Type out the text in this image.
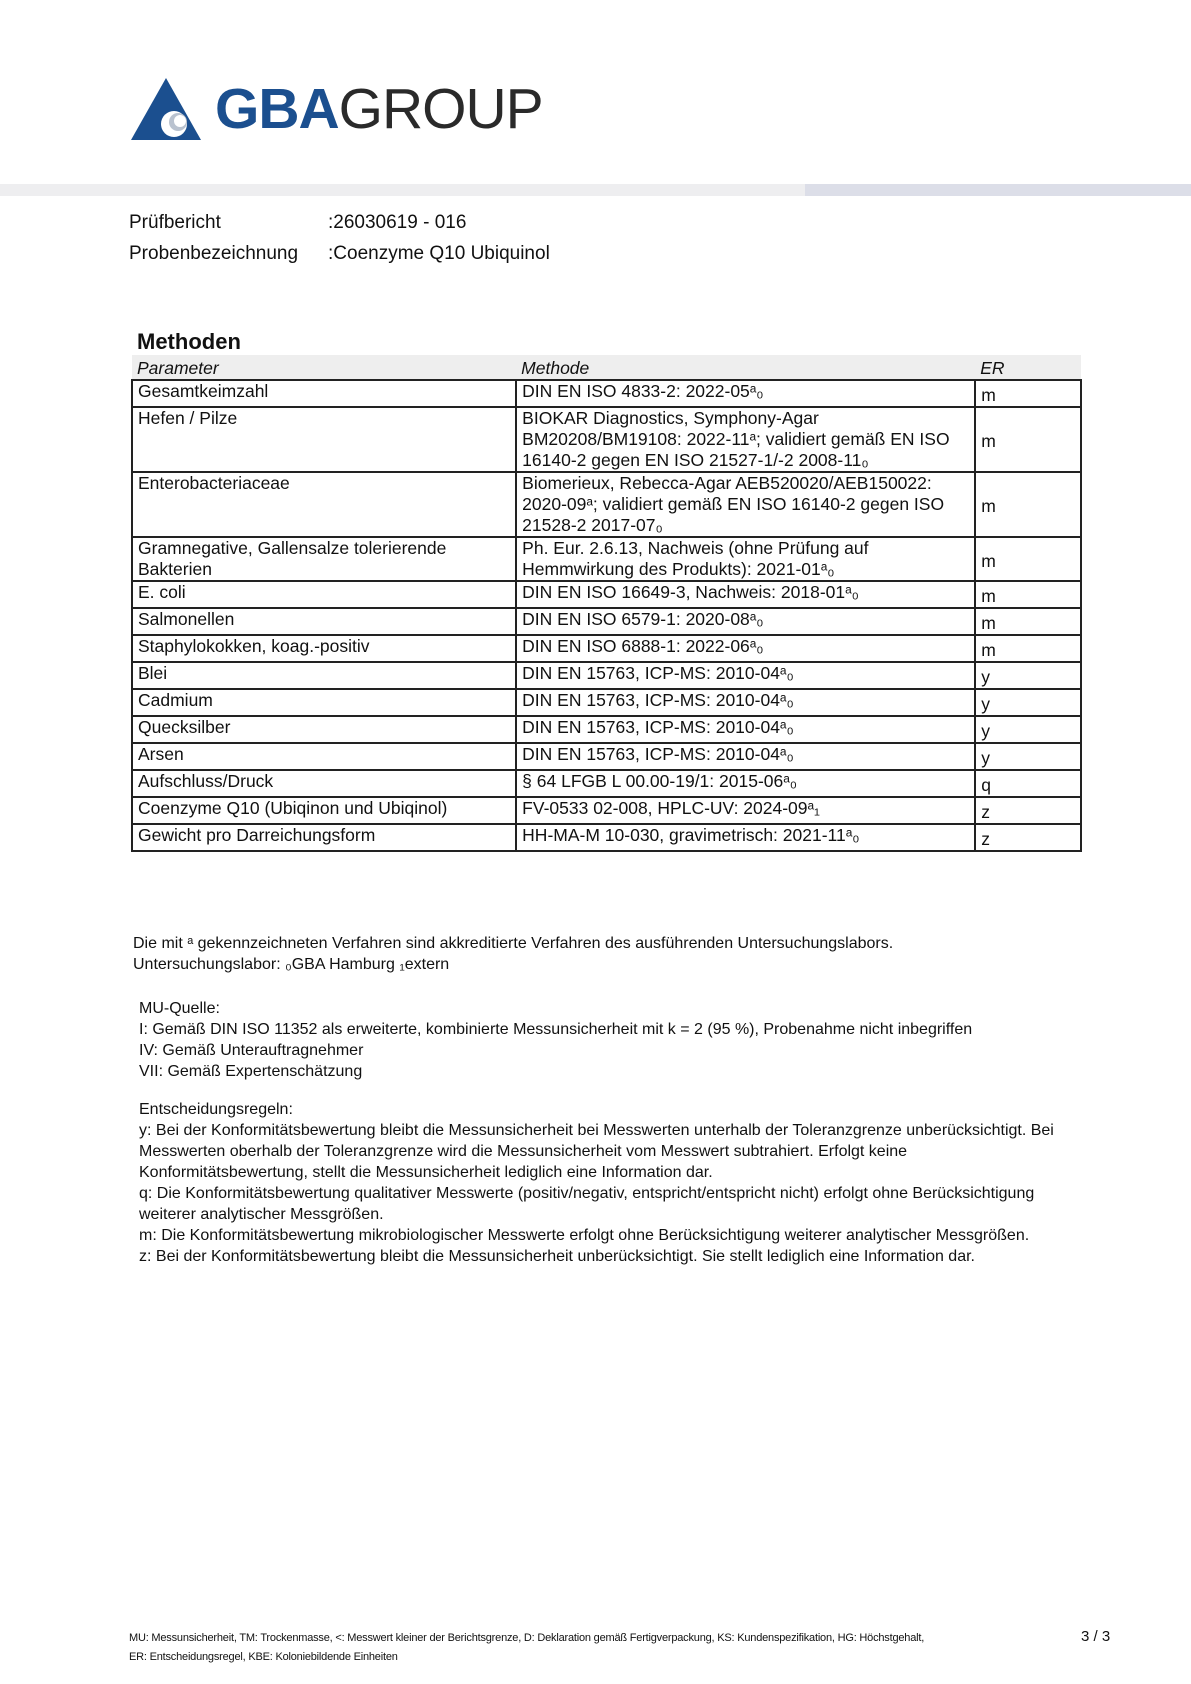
GBAGROUP
Prüfbericht	:26030619 - 016
Probenbezeichnung	:Coenzyme Q10 Ubiquinol
Methoden
Parameter	Methode	ER
Gesamtkeimzahl	DIN EN ISO 4833-2: 2022-05ᵃ₀	m
Hefen / Pilze	BIOKAR Diagnostics, Symphony-Agar BM20208/BM19108: 2022-11ᵃ; validiert gemäß EN ISO 16140-2 gegen EN ISO 21527-1/-2 2008-11₀	m
Enterobacteriaceae	Biomerieux, Rebecca-Agar AEB520020/AEB150022: 2020-09ᵃ; validiert gemäß EN ISO 16140-2 gegen ISO 21528-2 2017-07₀	m
Gramnegative, Gallensalze tolerierende Bakterien	Ph. Eur. 2.6.13, Nachweis (ohne Prüfung auf Hemmwirkung des Produkts): 2021-01ᵃ₀	m
E. coli	DIN EN ISO 16649-3, Nachweis: 2018-01ᵃ₀	m
Salmonellen	DIN EN ISO 6579-1: 2020-08ᵃ₀	m
Staphylokokken, koag.-positiv	DIN EN ISO 6888-1: 2022-06ᵃ₀	m
Blei	DIN EN 15763, ICP-MS: 2010-04ᵃ₀	y
Cadmium	DIN EN 15763, ICP-MS: 2010-04ᵃ₀	y
Quecksilber	DIN EN 15763, ICP-MS: 2010-04ᵃ₀	y
Arsen	DIN EN 15763, ICP-MS: 2010-04ᵃ₀	y
Aufschluss/Druck	§ 64 LFGB L 00.00-19/1: 2015-06ᵃ₀	q
Coenzyme Q10 (Ubiqinon und Ubiqinol)	FV-0533 02-008, HPLC-UV: 2024-09ᵃ₁	z
Gewicht pro Darreichungsform	HH-MA-M 10-030, gravimetrisch: 2021-11ᵃ₀	z

Die mit ᵃ gekennzeichneten Verfahren sind akkreditierte Verfahren des ausführenden Untersuchungslabors.

Untersuchungslabor: ₀GBA Hamburg ₁extern

MU-Quelle:

I: Gemäß DIN ISO 11352 als erweiterte, kombinierte Messunsicherheit mit k = 2 (95 %), Probenahme nicht inbegriffen

IV: Gemäß Unterauftragnehmer

VII: Gemäß Expertenschätzung

Entscheidungsregeln:

y: Bei der Konformitätsbewertung bleibt die Messunsicherheit bei Messwerten unterhalb der Toleranzgrenze unberücksichtigt. Bei Messwerten oberhalb der Toleranzgrenze wird die Messunsicherheit vom Messwert subtrahiert. Erfolgt keine Konformitätsbewertung, stellt die Messunsicherheit lediglich eine Information dar.

q: Die Konformitätsbewertung qualitativer Messwerte (positiv/negativ, entspricht/entspricht nicht) erfolgt ohne Berücksichtigung weiterer analytischer Messgrößen.

m: Die Konformitätsbewertung mikrobiologischer Messwerte erfolgt ohne Berücksichtigung weiterer analytischer Messgrößen.

z: Bei der Konformitätsbewertung bleibt die Messunsicherheit unberücksichtigt. Sie stellt lediglich eine Information dar.

MU: Messunsicherheit, TM: Trockenmasse, <: Messwert kleiner der Berichtsgrenze, D: Deklaration gemäß Fertigverpackung, KS: Kundenspezifikation, HG: Höchstgehalt,

ER: Entscheidungsregel, KBE: Koloniebildende Einheiten

3 / 3
